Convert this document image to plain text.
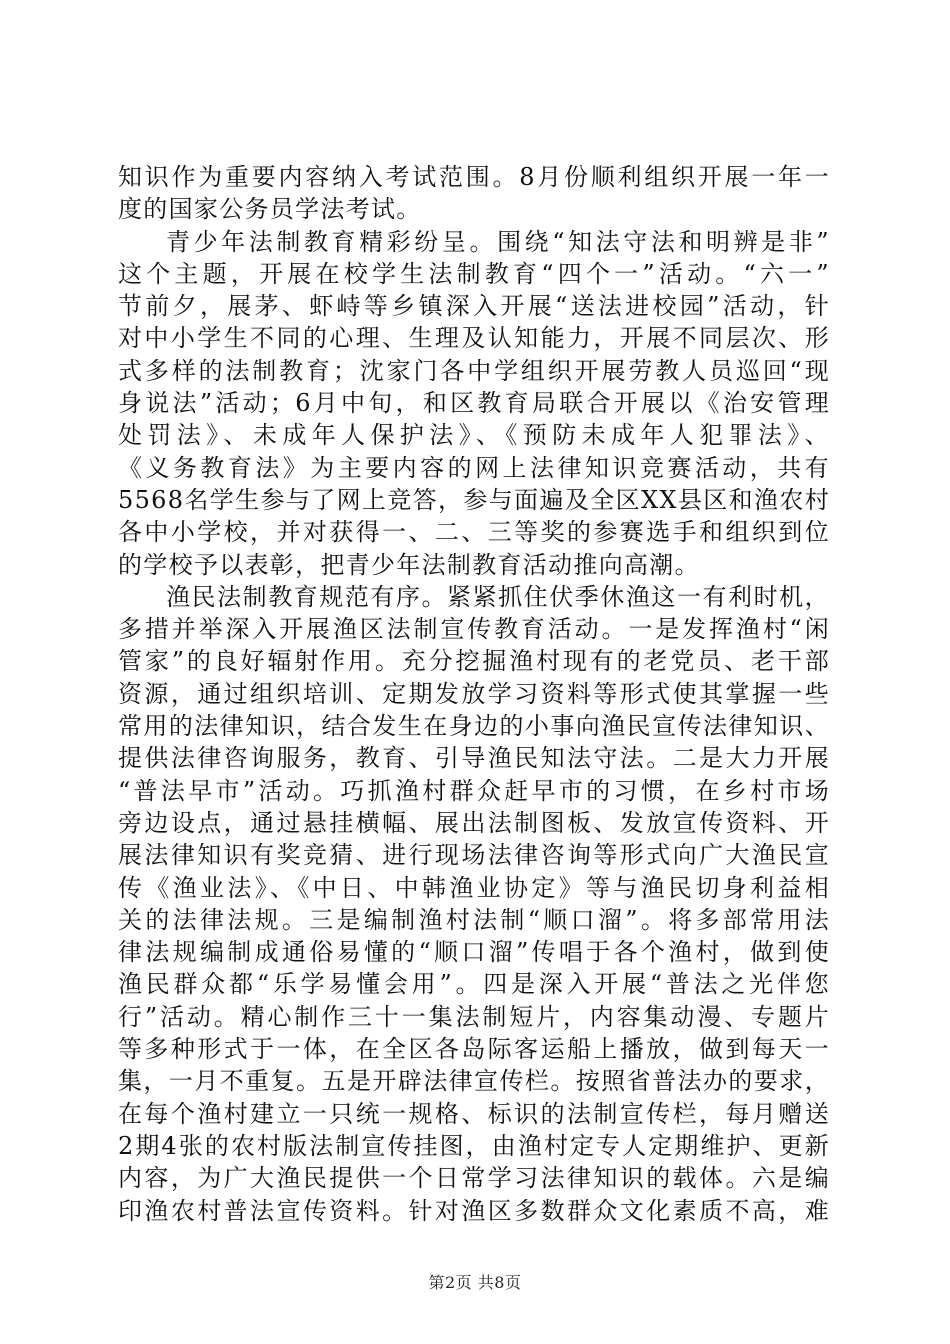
知识作为重要内容纳入考试范围。8月份顺利组织开展一年一
度的国家公务员学法考试。
青少年法制教育精彩纷呈。围绕“知法守法和明辨是非”
这个主题，开展在校学生法制教育“四个一”活动。“六一”
节前夕，展茅、虾峙等乡镇深入开展“送法进校园”活动，针
对中小学生不同的心理、生理及认知能力，开展不同层次、形
式多样的法制教育；沈家门各中学组织开展劳教人员巡回“现
身说法”活动；6月中旬，和区教育局联合开展以《治安管理
处罚法》、未成年人保护法》、《预防未成年人犯罪法》、
《义务教育法》为主要内容的网上法律知识竞赛活动，共有
5568名学生参与了网上竞答，参与面遍及全区XX县区和渔农村
各中小学校，并对获得一、二、三等奖的参赛选手和组织到位
的学校予以表彰，把青少年法制教育活动推向高潮。
渔民法制教育规范有序。紧紧抓住伏季休渔这一有利时机，
多措并举深入开展渔区法制宣传教育活动。一是发挥渔村“闲
管家”的良好辐射作用。充分挖掘渔村现有的老党员、老干部
资源，通过组织培训、定期发放学习资料等形式使其掌握一些
常用的法律知识，结合发生在身边的小事向渔民宣传法律知识、
提供法律咨询服务，教育、引导渔民知法守法。二是大力开展
“普法早市”活动。巧抓渔村群众赶早市的习惯，在乡村市场
旁边设点，通过悬挂横幅、展出法制图板、发放宣传资料、开
展法律知识有奖竞猜、进行现场法律咨询等形式向广大渔民宣
传《渔业法》、《中日、中韩渔业协定》等与渔民切身利益相
关的法律法规。三是编制渔村法制“顺口溜”。将多部常用法
律法规编制成通俗易懂的“顺口溜”传唱于各个渔村，做到使
渔民群众都“乐学易懂会用”。四是深入开展“普法之光伴您
行”活动。精心制作三十一集法制短片，内容集动漫、专题片
等多种形式于一体，在全区各岛际客运船上播放，做到每天一
集，一月不重复。五是开辟法律宣传栏。按照省普法办的要求，
在每个渔村建立一只统一规格、标识的法制宣传栏，每月赠送
2期4张的农村版法制宣传挂图，由渔村定专人定期维护、更新
内容，为广大渔民提供一个日常学习法律知识的载体。六是编
印渔农村普法宣传资料。针对渔区多数群众文化素质不高，难
第2页 共8页
